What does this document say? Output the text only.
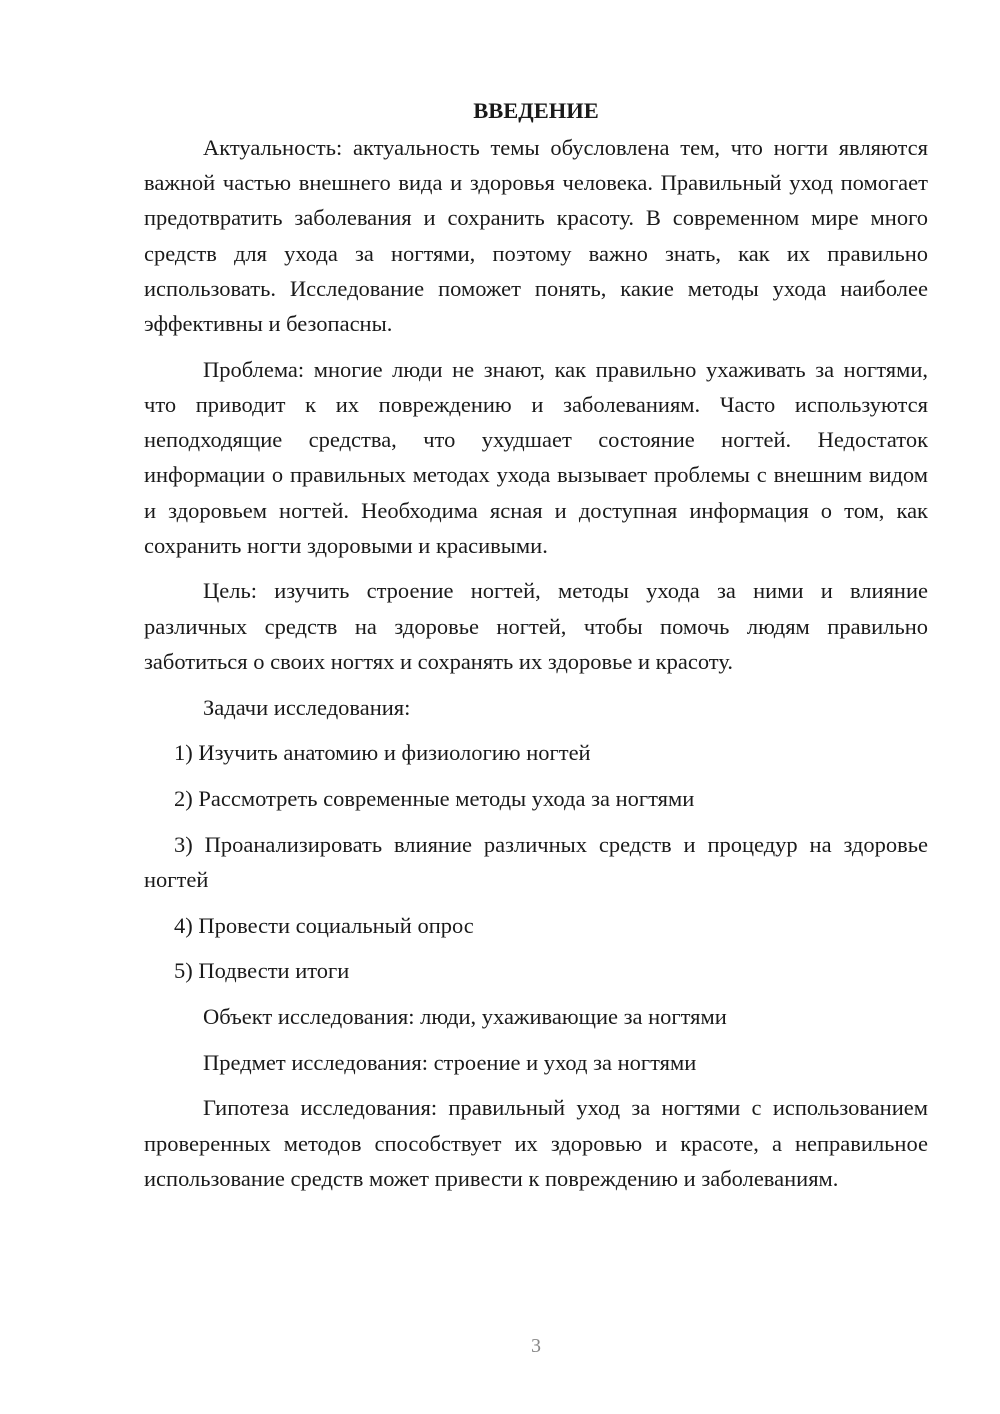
ВВЕДЕНИЕ

Актуальность: актуальность темы обусловлена тем, что ногти являются важной частью внешнего вида и здоровья человека. Правильный уход помогает предотвратить заболевания и сохранить красоту. В современном мире много средств для ухода за ногтями, поэтому важно знать, как их правильно использовать. Исследование поможет понять, какие методы ухода наиболее эффективны и безопасны.

Проблема: многие люди не знают, как правильно ухаживать за ногтями, что приводит к их повреждению и заболеваниям. Часто используются неподходящие средства, что ухудшает состояние ногтей. Недостаток информации о правильных методах ухода вызывает проблемы с внешним видом и здоровьем ногтей. Необходима ясная и доступная информация о том, как сохранить ногти здоровыми и красивыми.

Цель: изучить строение ногтей, методы ухода за ними и влияние различных средств на здоровье ногтей, чтобы помочь людям правильно заботиться о своих ногтях и сохранять их здоровье и красоту.

Задачи исследования:

1) Изучить анатомию и физиологию ногтей

2) Рассмотреть современные методы ухода за ногтями

3) Проанализировать влияние различных средств и процедур на здоровье ногтей

4) Провести социальный опрос

5) Подвести итоги

Объект исследования: люди, ухаживающие за ногтями

Предмет исследования: строение и уход за ногтями

Гипотеза исследования: правильный уход за ногтями с использованием проверенных методов способствует их здоровью и красоте, а неправильное использование средств может привести к повреждению и заболеваниям.

3
